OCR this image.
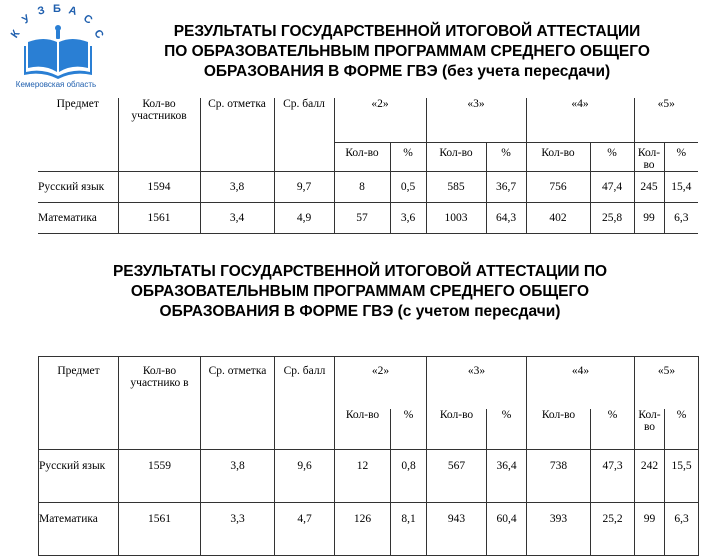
К
У
З Б А
С
С
Кемеровская область
РЕЗУЛЬТАТЫ ГОСУДАРСТВЕННОЙ ИТОГОВОЙ АТТЕСТАЦИИ
ПО ОБРАЗОВАТЕЛЬНВЫМ ПРОГРАММАМ СРЕДНЕГО ОБЩЕГО
ОБРАЗОВАНИЯ В ФОРМЕ ГВЭ (без учета пересдачи)
Предмет	Кол-во участников	Ср. отметка	Ср. балл	«2»		«3»		«4»		«5»	
				Кол-во	%	Кол-во	%	Кол-во	%	Кол-во	%
Русский язык	1594	3,8	9,7	8	0,5	585	36,7	756	47,4	245	15,4
Математика	1561	3,4	4,9	57	3,6	1003	64,3	402	25,8	99	6,3
РЕЗУЛЬТАТЫ ГОСУДАРСТВЕННОЙ ИТОГОВОЙ АТТЕСТАЦИИ ПО
ОБРАЗОВАТЕЛЬНВЫМ ПРОГРАММАМ СРЕДНЕГО ОБЩЕГО
ОБРАЗОВАНИЯ В ФОРМЕ ГВЭ (с учетом пересдачи)
Предмет	Кол-во участнико в	Ср. отметка	Ср. балл	«2»		«3»		«4»		«5»	
				Кол-во	%	Кол-во	%	Кол-во	%	Кол-во	%
Русский язык	1559	3,8	9,6	12	0,8	567	36,4	738	47,3	242	15,5
Математика	1561	3,3	4,7	126	8,1	943	60,4	393	25,2	99	6,3
